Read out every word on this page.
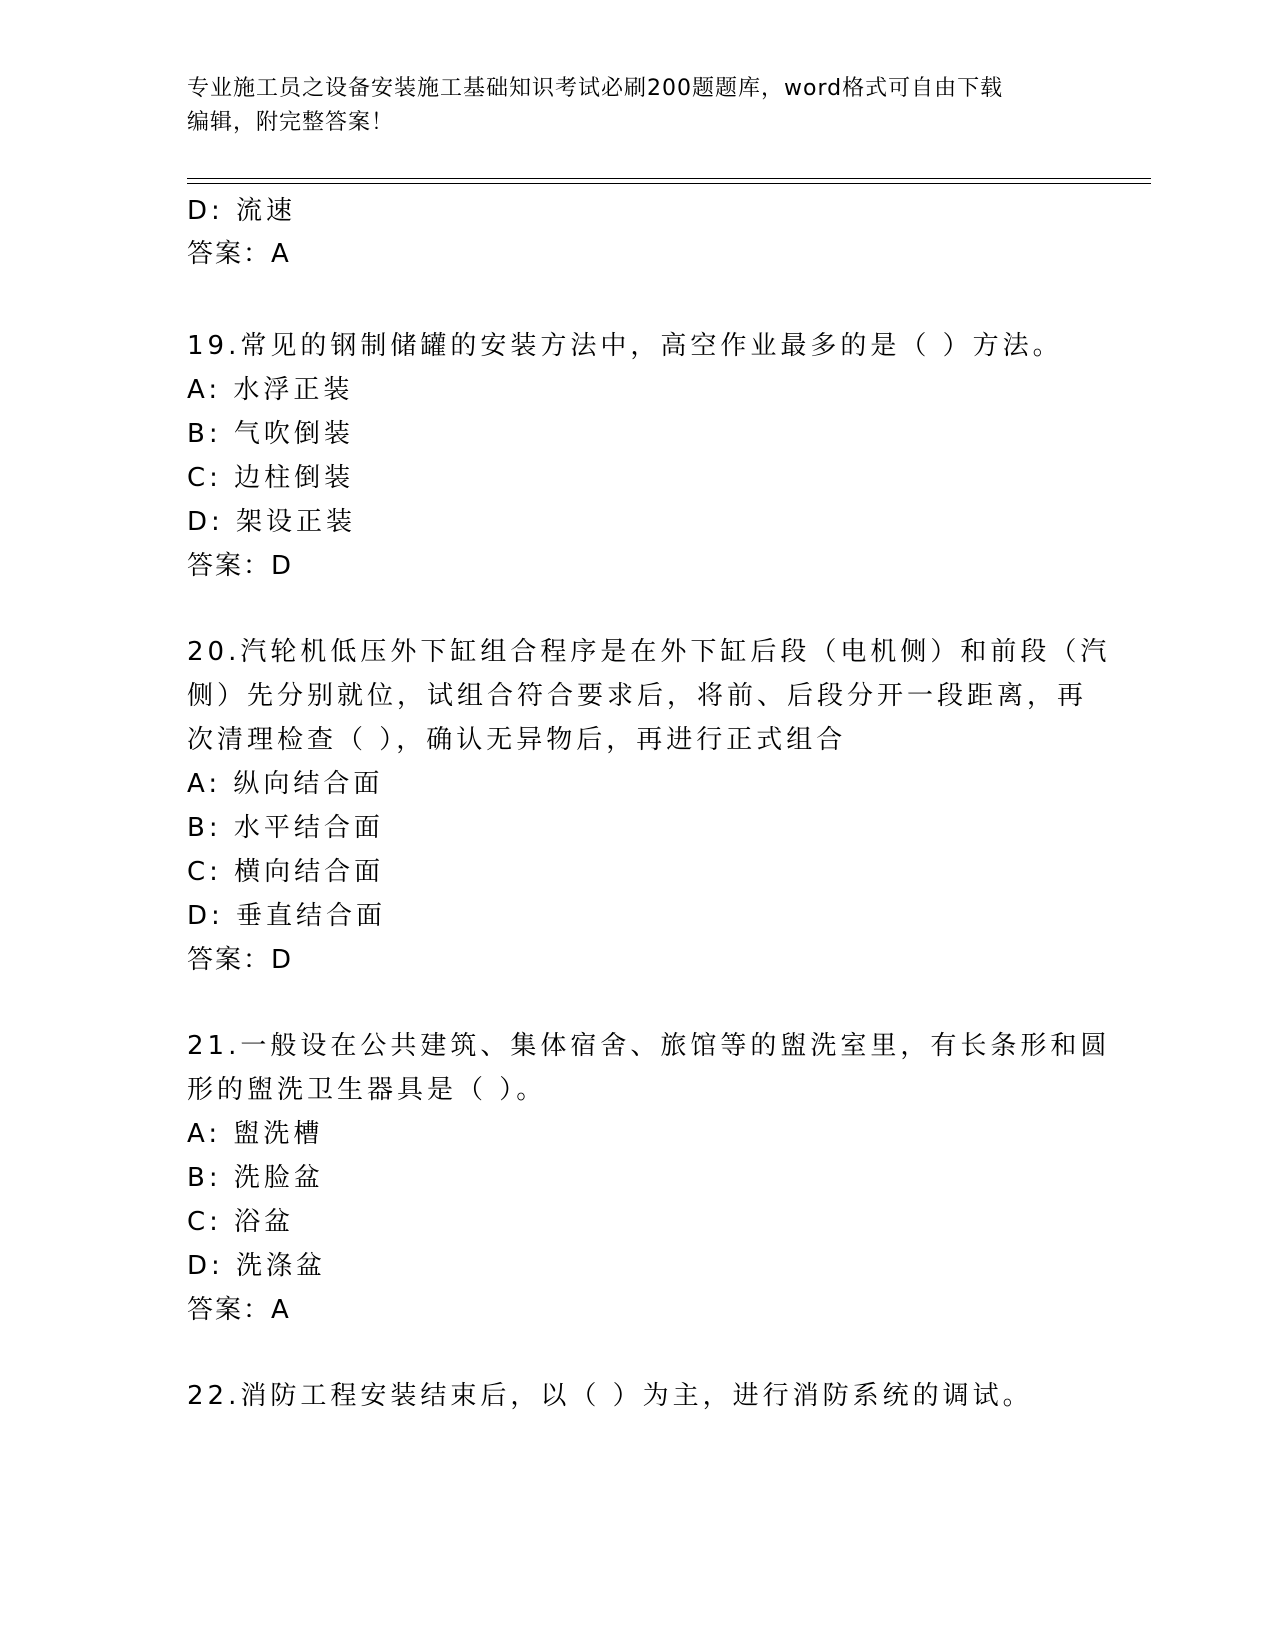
专业施工员之设备安装施工基础知识考试必刷200题题库，word格式可自由下载
编辑，附完整答案！
D: 流速
答案：A
19.常见的钢制储罐的安装方法中，高空作业最多的是（ ）方法。
A: 水浮正装
B: 气吹倒装
C: 边柱倒装
D: 架设正装
答案：D
20.汽轮机低压外下缸组合程序是在外下缸后段（电机侧）和前段（汽
侧）先分别就位，试组合符合要求后，将前、后段分开一段距离，再
次清理检查（ ），确认无异物后，再进行正式组合
A: 纵向结合面
B: 水平结合面
C: 横向结合面
D: 垂直结合面
答案：D
21.一般设在公共建筑、集体宿舍、旅馆等的盥洗室里，有长条形和圆
形的盥洗卫生器具是（ ）。
A: 盥洗槽
B: 洗脸盆
C: 浴盆
D: 洗涤盆
答案：A
22.消防工程安装结束后，以（ ）为主，进行消防系统的调试。
